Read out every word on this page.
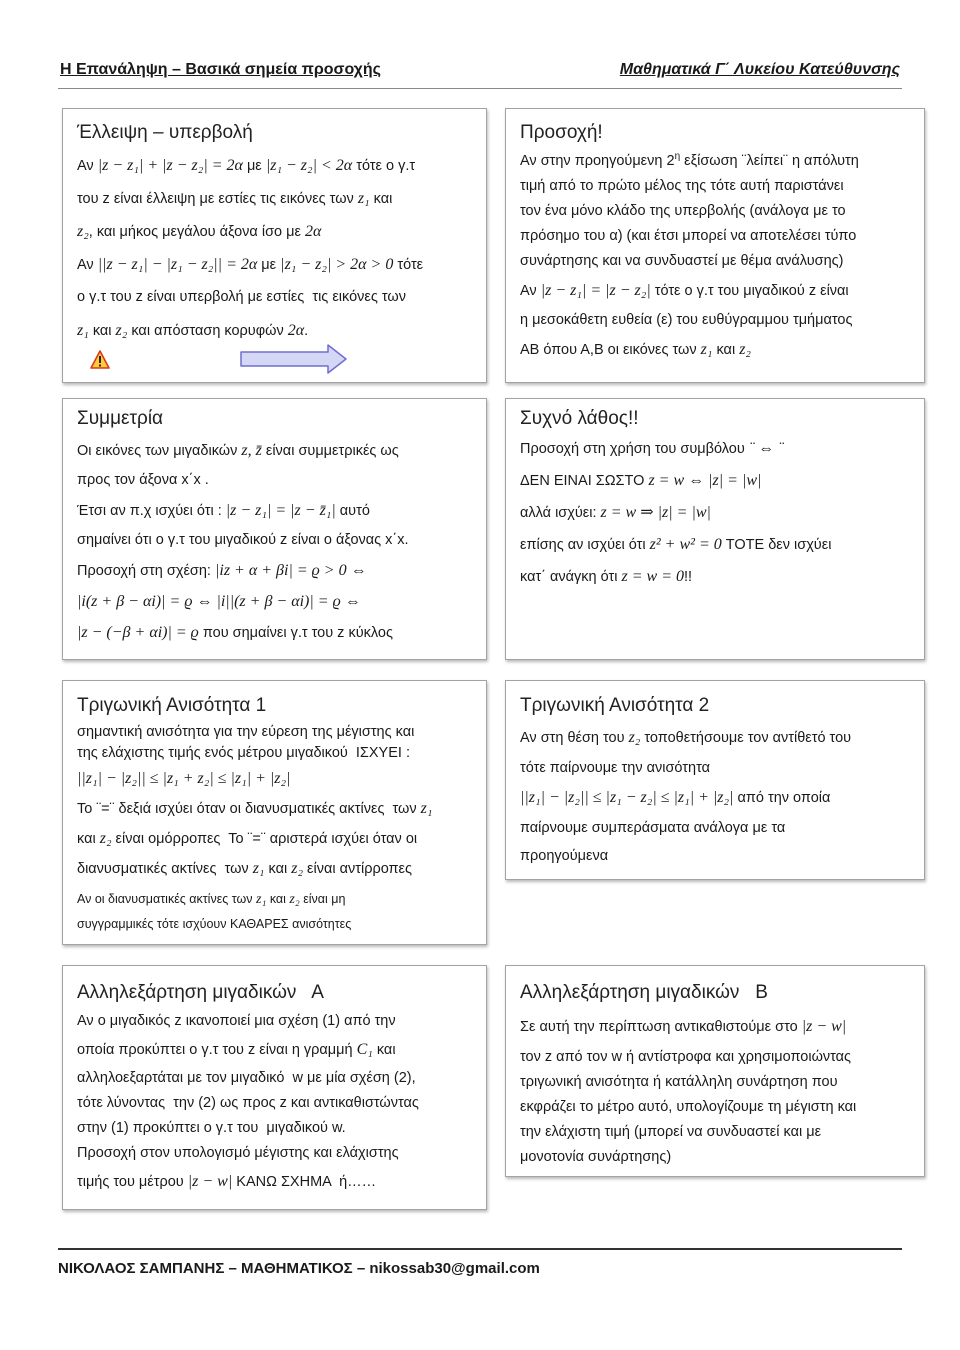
Η Επανάληψη – Βασικά σημεία προσοχής	Μαθηματικά Γ΄ Λυκείου Κατεύθυνσης
Έλλειψη – υπερβολή
Αν |z − z₁| + |z − z₂| = 2α με |z₁ − z₂| < 2α τότε ο γ.τ
του z είναι έλλειψη με εστίες τις εικόνες των z₁ και
z₂, και μήκος μεγάλου άξονα ίσο με 2α
Αν ||z − z₁| − |z₁ − z₂|| = 2α με |z₁ − z₂| > 2α > 0 τότε
ο γ.τ του z είναι υπερβολή με εστίες  τις εικόνες των
z₁ και z₂ και απόσταση κορυφών 2α.
Προσοχή!
Αν στην προηγούμενη $2^\eta$ εξίσωση ¨λείπει¨ η απόλυτη
τιμή από το πρώτο μέλος της τότε αυτή παριστάνει
τον ένα μόνο κλάδο της υπερβολής (ανάλογα με το
πρόσημο του α) (και έτσι μπορεί να αποτελέσει τύπο
συνάρτησης και να συνδυαστεί με θέμα ανάλυσης)
Αν |z − z₁| = |z − z₂| τότε ο γ.τ του μιγαδικού z είναι
η μεσοκάθετη ευθεία (ε) του ευθύγραμμου τμήματος
ΑΒ όπου Α,Β οι εικόνες των z₁ και z₂
Συμμετρία
Οι εικόνες των μιγαδικών z, z̄ είναι συμμετρικές ως
προς τον άξονα x΄x .
Έτσι αν π.χ ισχύει ότι : |z − z₁| = |z − z̄₁| αυτό
σημαίνει ότι ο γ.τ του μιγαδικού z είναι ο άξονας x΄x.
Προσοχή στη σχέση: |iz + α + βi| = ϱ > 0 ⇔
|i(z + β − αi)| = ϱ ⇔ |i||(z + β − αi)| = ϱ ⇔
|z − (−β + αi)| = ϱ που σημαίνει γ.τ του z κύκλος
Συχνό λάθος!!
Προσοχή στη χρήση του συμβόλου ¨ ⇔ ¨
ΔΕΝ ΕΙΝΑΙ ΣΩΣΤΟ z = w ⇔ |z| = |w|
αλλά ισχύει: z = w ⇒ |z| = |w|
επίσης αν ισχύει ότι z² + w² = 0 ΤΟΤΕ δεν ισχύει
κατ΄ ανάγκη ότι z = w = 0!!
Τριγωνική Ανισότητα 1
σημαντική ανισότητα για την εύρεση της μέγιστης και
της ελάχιστης τιμής ενός μέτρου μιγαδικού  ΙΣΧΥΕΙ :
||z₁| − |z₂|| ≤ |z₁ + z₂| ≤ |z₁| + |z₂|
Το ¨=¨ δεξιά ισχύει όταν οι διανυσματικές ακτίνες  των z₁
και z₂ είναι ομόρροπες  Το ¨=¨ αριστερά ισχύει όταν οι
διανυσματικές ακτίνες  των z₁ και z₂ είναι αντίρροπες
Αν οι διανυσματικές ακτίνες των z₁ και z₂ είναι μη
συγγραμμικές τότε ισχύουν ΚΑΘΑΡΕΣ ανισότητες
Τριγωνική Ανισότητα 2
Αν στη θέση του z₂ τοποθετήσουμε τον αντίθετό του
τότε παίρνουμε την ανισότητα
||z₁| − |z₂|| ≤ |z₁ − z₂| ≤ |z₁| + |z₂| από την οποία
παίρνουμε συμπεράσματα ανάλογα με τα
προηγούμενα
Αλληλεξάρτηση μιγαδικών   Α
Αν ο μιγαδικός z ικανοποιεί μια σχέση (1) από την
οποία προκύπτει ο γ.τ του z είναι η γραμμή C₁ και
αλληλοεξαρτάται με τον μιγαδικό  w με μία σχέση (2),
τότε λύνοντας  την (2) ως προς z και αντικαθιστώντας
στην (1) προκύπτει ο γ.τ του  μιγαδικού w.
Προσοχή στον υπολογισμό μέγιστης και ελάχιστης
τιμής του μέτρου |z − w| ΚΑΝΩ ΣΧΗΜΑ  ή……
Αλληλεξάρτηση μιγαδικών   Β
Σε αυτή την περίπτωση αντικαθιστούμε στο |z − w|
τον z από τον w ή αντίστροφα και χρησιμοποιώντας
τριγωνική ανισότητα ή κατάλληλη συνάρτηση που
εκφράζει το μέτρο αυτό, υπολογίζουμε τη μέγιστη και
την ελάχιστη τιμή (μπορεί να συνδυαστεί και με
μονοτονία συνάρτησης)
ΝΙΚΟΛΑΟΣ ΣΑΜΠΑΝΗΣ – ΜΑΘΗΜΑΤΙΚΟΣ – nikossab30@gmail.com
